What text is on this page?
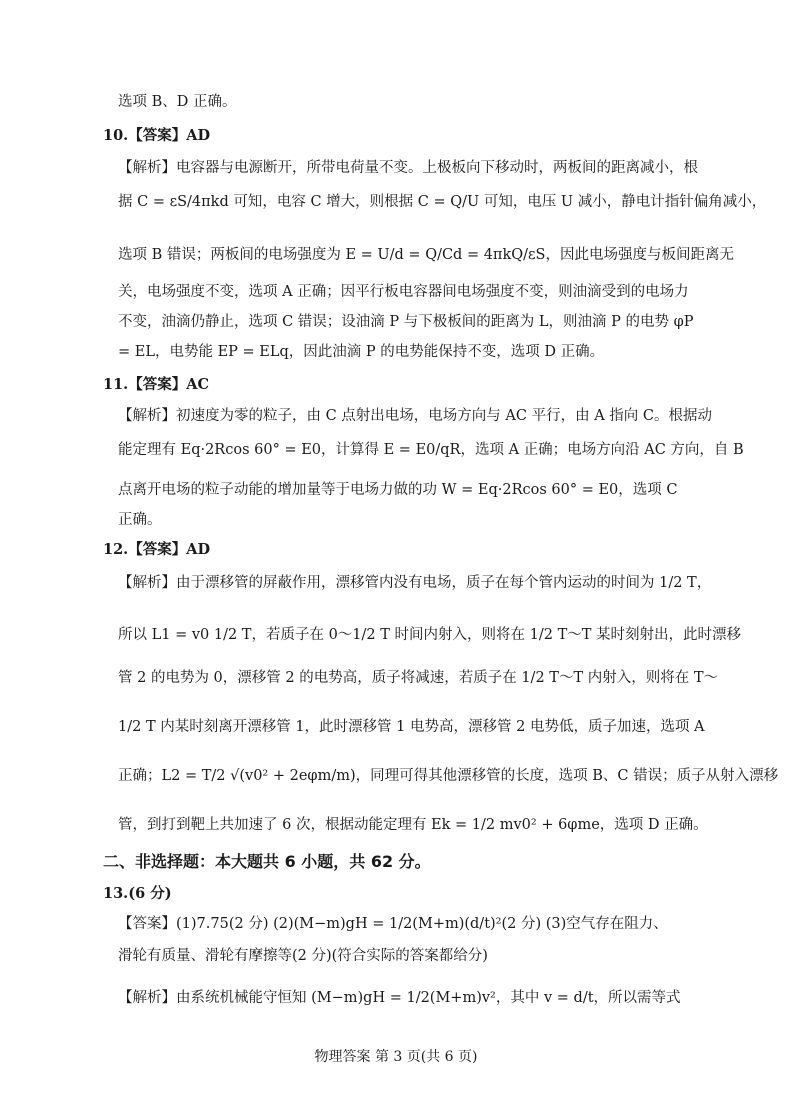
选项 B、D 正确。
10.【答案】AD
【解析】电容器与电源断开，所带电荷量不变。上极板向下移动时，两板间的距离减小，根
据 C = εS/4πkd 可知，电容 C 增大，则根据 C = Q/U 可知，电压 U 减小，静电计指针偏角减小，
选项 B 错误；两板间的电场强度为 E = U/d = Q/Cd = 4πkQ/εS，因此电场强度与板间距离无
关，电场强度不变，选项 A 正确；因平行板电容器间电场强度不变，则油滴受到的电场力
不变，油滴仍静止，选项 C 错误；设油滴 P 与下极板间的距离为 L，则油滴 P 的电势 φP
= EL，电势能 EP = ELq，因此油滴 P 的电势能保持不变，选项 D 正确。
11.【答案】AC
【解析】初速度为零的粒子，由 C 点射出电场，电场方向与 AC 平行，由 A 指向 C。根据动
能定理有 Eq·2Rcos 60° = E0，计算得 E = E0/qR，选项 A 正确；电场方向沿 AC 方向，自 B
点离开电场的粒子动能的增加量等于电场力做的功 W = Eq·2Rcos 60° = E0，选项 C
正确。
12.【答案】AD
【解析】由于漂移管的屏蔽作用，漂移管内没有电场，质子在每个管内运动的时间为 1/2 T，
所以 L1 = v0 1/2 T，若质子在 0～1/2 T 时间内射入，则将在 1/2 T～T 某时刻射出，此时漂移
管 2 的电势为 0，漂移管 2 的电势高，质子将减速，若质子在 1/2 T～T 内射入，则将在 T～
1/2 T 内某时刻离开漂移管 1，此时漂移管 1 电势高，漂移管 2 电势低，质子加速，选项 A
正确；L2 = T/2 √(v0² + 2eφm/m)，同理可得其他漂移管的长度，选项 B、C 错误；质子从射入漂移
管，到打到靶上共加速了 6 次，根据动能定理有 Ek = 1/2 mv0² + 6φme，选项 D 正确。
二、非选择题：本大题共 6 小题，共 62 分。
13.(6 分)
【答案】(1)7.75(2 分) (2)(M−m)gH = 1/2(M+m)(d/t)²(2 分) (3)空气存在阻力、
滑轮有质量、滑轮有摩擦等(2 分)(符合实际的答案都给分)
【解析】由系统机械能守恒知 (M−m)gH = 1/2(M+m)v²，其中 v = d/t，所以需等式
物理答案 第 3 页(共 6 页)
